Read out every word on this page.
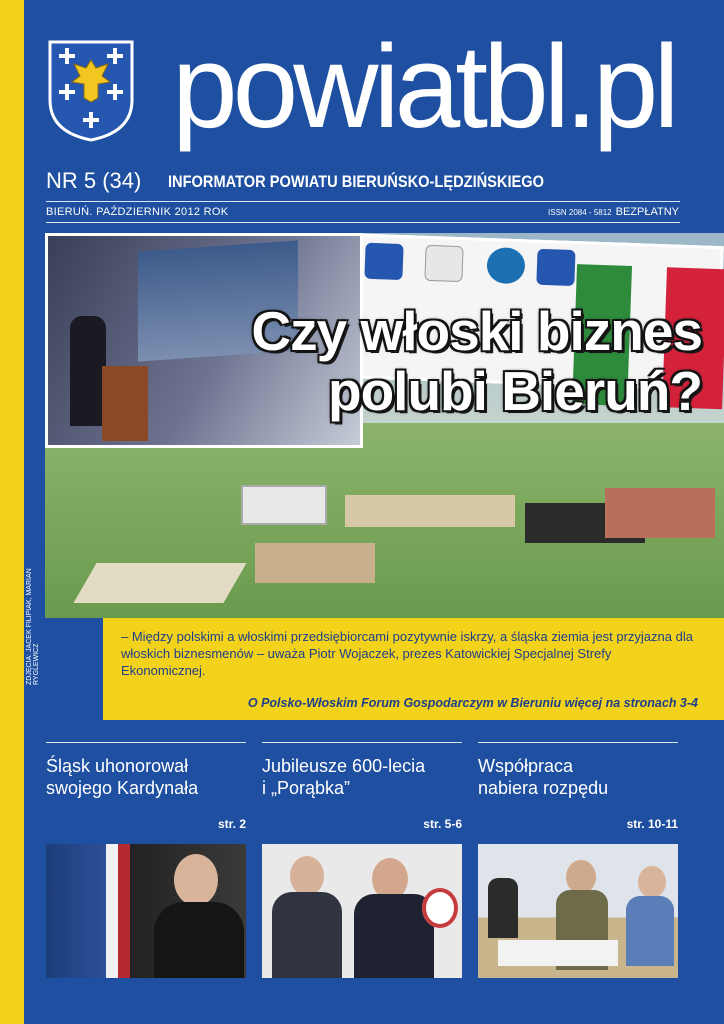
powiatbl.pl
NR 5 (34) INFORMATOR POWIATU BIERUŃSKO-LĘDZIŃSKIEGO
BIERUŃ. PAŹDZIERNIK 2012 ROK	ISSN 2084 - 5812 BEZPŁATNY
Czy włoski biznes
polubi Bieruń?
ZDJĘCIA: JACEK FILIPIAK, MARIAN RYGLEWICZ

– Między polskimi a włoskimi przedsiębiorcami pozytywnie iskrzy, a śląska ziemia jest przyjazna dla włoskich biznesmenów – uważa Piotr Wojaczek, prezes Katowickiej Specjalnej Strefy Ekonomicznej.

O Polsko-Włoskim Forum Gospodarczym w Bieruniu więcej na stronach 3-4
Śląsk uhonorował
swojego Kardynała
str. 2
Jubileusze 600-lecia
i „Porąbka”
str. 5-6
Współpraca
nabiera rozpędu
str. 10-11
